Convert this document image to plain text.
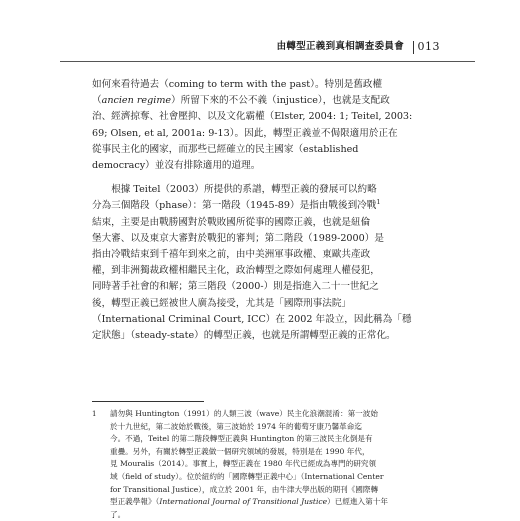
由轉型正義到真相調查委員會 013

如何來看待過去（coming to term with the past）。特別是舊政權
（ancien regime）所留下來的不公不義（injustice），也就是支配政
治、經濟掠奪、社會壓抑、以及文化霸權（Elster, 2004: 1; Teitel, 2003:
69; Olsen, et al, 2001a: 9-13）。因此，轉型正義並不侷限適用於正在
從事民主化的國家，而那些已經確立的民主國家（established
democracy）並沒有排除適用的道理。

根據 Teitel（2003）所提供的系譜，轉型正義的發展可以約略
分為三個階段（phase）：第一階段（1945-89）是指由戰後到冷戰$^1$
結束，主要是由戰勝國對於戰敗國所從事的國際正義，也就是紐倫
堡大審、以及東京大審對於戰犯的審判；第二階段（1989-2000）是
指由冷戰結束到千禧年到來之前，由中美洲軍事政權、東歐共產政
權，到非洲獨裁政權相繼民主化，政治轉型之際如何處理人權侵犯，
同時著手社會的和解；第三階段（2000-）則是指進入二十一世紀之
後，轉型正義已經被世人廣為接受，尤其是「國際刑事法院」
（International Criminal Court, ICC）在 2002 年設立，因此稱為「穩
定狀態」（steady-state）的轉型正義，也就是所謂轉型正義的正常化。

1 請勿與 Huntington（1991）的人類三波（wave）民主化浪潮混淆：第一波始
於十九世紀，第二波始於戰後，第三波始於 1974 年的葡萄牙康乃馨革命迄
今。不過，Teitel 的第二階段轉型正義與 Huntington 的第三波民主化倒是有
重疊。另外，有關於轉型正義做一個研究領域的發展，特別是在 1990 年代，
見 Mouralis（2014）。事實上，轉型正義在 1980 年代已經成為專門的研究領
域（field of study）。位於紐約的「國際轉型正義中心」（International Center
for Transitional Justice），成立於 2001 年，由牛津大學出版的期刊《國際轉
型正義學報》（International Journal of Transitional Justice）已經進入第十年
了。
